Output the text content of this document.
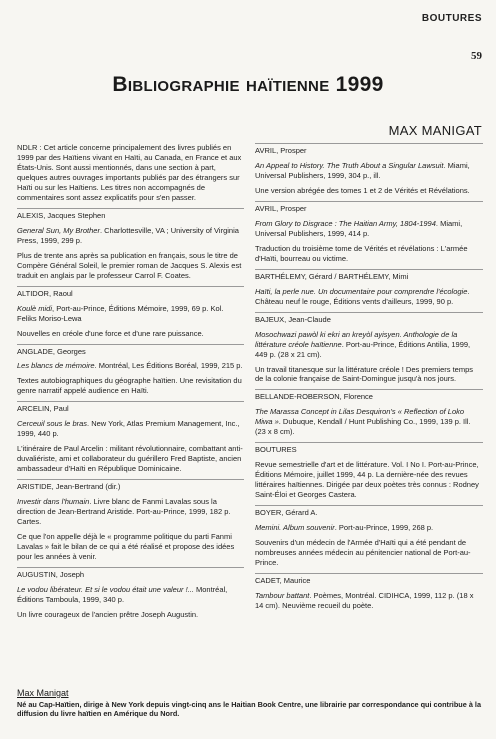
BOUTURES
59
Bibliographie haïtienne 1999
MAX MANIGAT

NDLR : Cet article concerne principalement des livres publiés en 1999 par des Haïtiens vivant en Haïti, au Canada, en France et aux États-Unis. Sont aussi mentionnés, dans une section à part, quelques autres ouvrages importants publiés par des étrangers sur Haïti ou sur les Haïtiens. Les titres non accompagnés de commentaires sont assez explicatifs pour s'en passer.

ALEXIS, Jacques Stephen

General Sun, My Brother. Charlottesville, VA ; University of Virginia Press, 1999, 299 p.

Plus de trente ans après sa publication en français, sous le titre de Compère Général Soleil, le premier roman de Jacques S. Alexis est traduit en anglais par le professeur Carrol F. Coates.

ALTIDOR, Raoul

Koulè midi, Port-au-Prince, Éditions Mémoire, 1999, 69 p. Kol. Feliks Moriso-Lewa

Nouvelles en créole d'une force et d'une rare puissance.

ANGLADE, Georges

Les blancs de mémoire. Montréal, Les Éditions Boréal, 1999, 215 p.

Textes autobiographiques du géographe haïtien. Une revisitation du genre narratif appelé audience en Haïti.

ARCELIN, Paul

Cerceuil sous le bras. New York, Atlas Premium Management, Inc., 1999, 440 p.

L'itinéraire de Paul Arcelin : militant révolutionnaire, combattant anti-duvaliériste, ami et collaborateur du guérillero Fred Baptiste, ancien ambassadeur d'Haïti en République Dominicaine.

ARISTIDE, Jean-Bertrand (dir.)

Investir dans l'humain. Livre blanc de Fanmi Lavalas sous la direction de Jean-Bertrand Aristide. Port-au-Prince, 1999, 182 p. Cartes.

Ce que l'on appelle déjà le « programme politique du parti Fanmi Lavalas » fait le bilan de ce qui a été réalisé et propose des idées pour les années à venir.

AUGUSTIN, Joseph

Le vodou libérateur. Et si le vodou était une valeur !... Montréal, Éditions Tamboula, 1999, 340 p.

Un livre courageux de l'ancien prêtre Joseph Augustin.

AVRIL, Prosper

An Appeal to History. The Truth About a Singular Lawsuit. Miami, Universal Publishers, 1999, 304 p., ill.

Une version abrégée des tomes 1 et 2 de Vérités et Révélations.

AVRIL, Prosper

From Glory to Disgrace : The Haitian Army, 1804-1994. Miami, Universal Publishers, 1999, 414 p.

Traduction du troisième tome de Vérités et révélations : L'armée d'Haïti, bourreau ou victime.

BARTHÉLEMY, Gérard / BARTHÉLEMY, Mimi

Haïti, la perle nue. Un documentaire pour comprendre l'écologie. Château neuf le rouge, Éditions vents d'ailleurs, 1999, 90 p.

BAJEUX, Jean-Claude

Mosochwazi pawòl ki ekri an kreyòl ayisyen. Anthologie de la littérature créole haïtienne. Port-au-Prince, Éditions Antilia, 1999, 449 p. (28 x 21 cm).

Un travail titanesque sur la littérature créole ! Des premiers temps de la colonie française de Saint-Domingue jusqu'à nos jours.

BELLANDE-ROBERSON, Florence

The Marassa Concept in Lilas Desquiron's « Reflection of Loko Miwa ». Dubuque, Kendall / Hunt Publishing Co., 1999, 139 p. Ill. (23 x 8 cm).

BOUTURES

Revue semestrielle d'art et de littérature. Vol. I No I. Port-au-Prince, Éditions Mémoire, juillet 1999, 44 p. La dernière-née des revues littéraires haïtiennes. Dirigée par deux poètes très connus : Rodney Saint-Éloi et Georges Castera.

BOYER, Gérard A.

Memini. Album souvenir. Port-au-Prince, 1999, 268 p.

Souvenirs d'un médecin de l'Armée d'Haïti qui a été pendant de nombreuses années médecin au pénitencier national de Port-au-Prince.

CADET, Maurice

Tambour battant. Poèmes, Montréal. CIDIHCA, 1999, 112 p. (18 x 14 cm). Neuvième recueil du poète.

Max Manigat
Né au Cap-Haïtien, dirige à New York depuis vingt-cinq ans le Haitian Book Centre, une librairie par correspondance qui contribue à la diffusion du livre haïtien en Amérique du Nord.
